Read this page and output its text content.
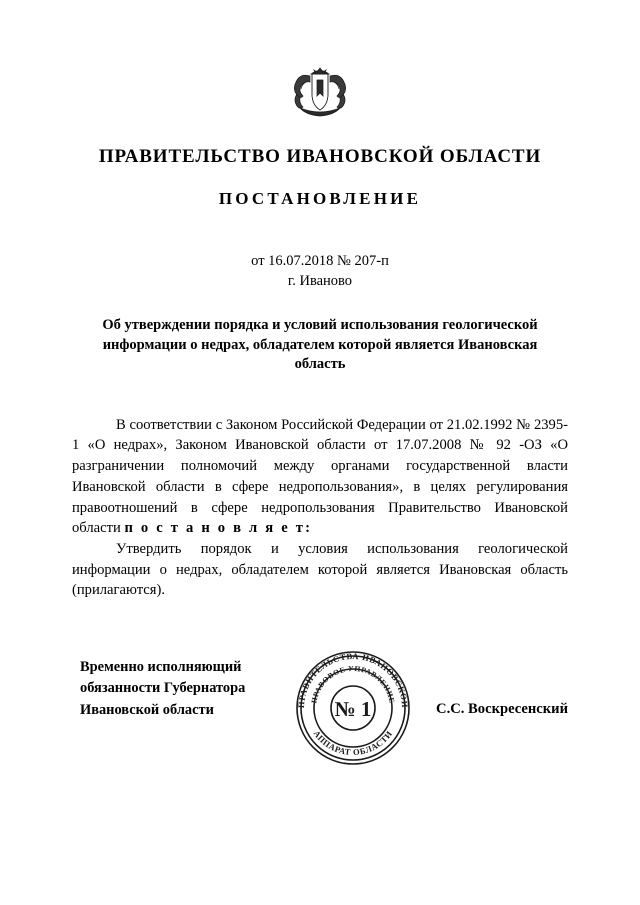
ПРАВИТЕЛЬСТВО ИВАНОВСКОЙ ОБЛАСТИ
ПОСТАНОВЛЕНИЕ
от 16.07.2018 № 207-п
г. Иваново
Об утверждении порядка и условий использования геологической информации о недрах, обладателем которой является Ивановская область

В соответствии с Законом Российской Федерации от 21.02.1992 № 2395-1 «О недрах», Законом Ивановской области от 17.07.2008 № 92 -ОЗ «О разграничении полномочий между органами государственной власти Ивановской области в сфере недропользования», в целях регулирования правоотношений в сфере недропользования Правительство Ивановской области п о с т а н о в л я е т:

Утвердить порядок и условия использования геологической информации о недрах, обладателем которой является Ивановская область (прилагаются).

Временно исполняющий
обязанности Губернатора
Ивановской области	ПРАВИТЕЛЬСТВА ИВАНОВСКОЙ
АППАРАТ ОБЛАСТИ
ПРАВОВОЕ УПРАВЛЕНИЕ
№ 1	С.С. Воскресенский
